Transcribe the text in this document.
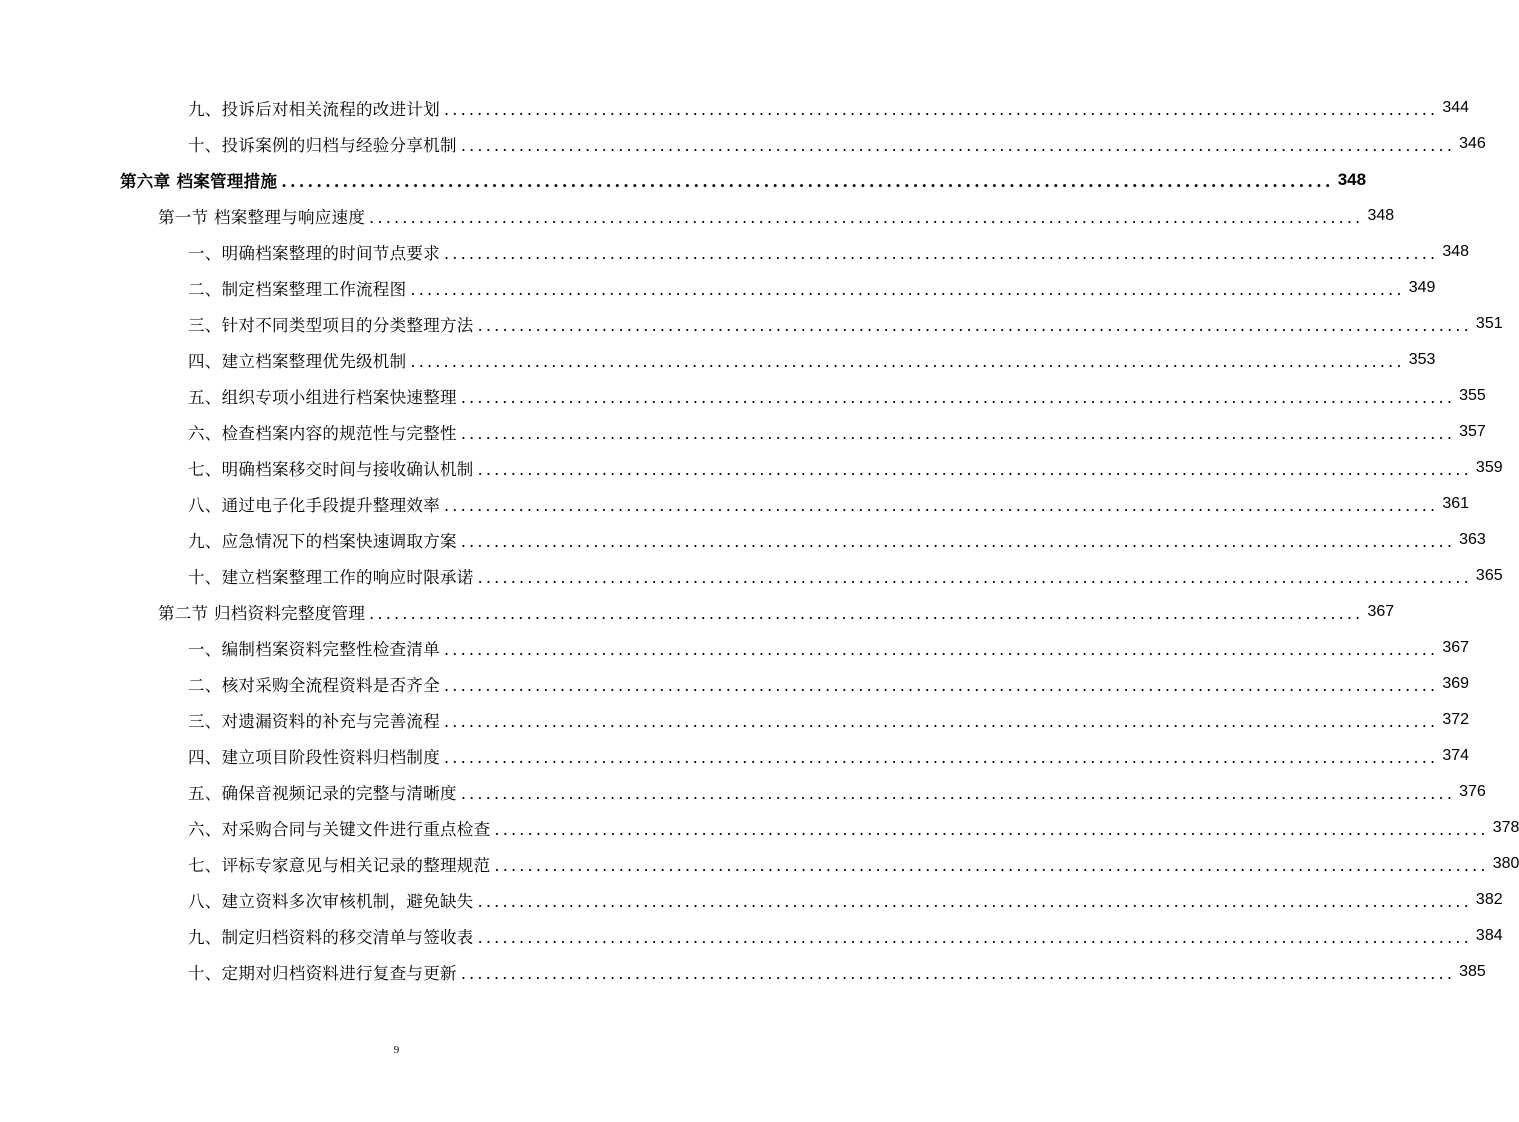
九、投诉后对相关流程的改进计划 ........................................................................................................................ 344
十、投诉案例的归档与经验分享机制 ........................................................................................................................ 346
第六章 档案管理措施 ........................................................................................................................ 348
第一节 档案整理与响应速度 ........................................................................................................................ 348
一、明确档案整理的时间节点要求 ........................................................................................................................ 348
二、制定档案整理工作流程图 ........................................................................................................................ 349
三、针对不同类型项目的分类整理方法 ........................................................................................................................ 351
四、建立档案整理优先级机制 ........................................................................................................................ 353
五、组织专项小组进行档案快速整理 ........................................................................................................................ 355
六、检查档案内容的规范性与完整性 ........................................................................................................................ 357
七、明确档案移交时间与接收确认机制 ........................................................................................................................ 359
八、通过电子化手段提升整理效率 ........................................................................................................................ 361
九、应急情况下的档案快速调取方案 ........................................................................................................................ 363
十、建立档案整理工作的响应时限承诺 ........................................................................................................................ 365
第二节 归档资料完整度管理 ........................................................................................................................ 367
一、编制档案资料完整性检查清单 ........................................................................................................................ 367
二、核对采购全流程资料是否齐全 ........................................................................................................................ 369
三、对遗漏资料的补充与完善流程 ........................................................................................................................ 372
四、建立项目阶段性资料归档制度 ........................................................................................................................ 374
五、确保音视频记录的完整与清晰度 ........................................................................................................................ 376
六、对采购合同与关键文件进行重点检查 ........................................................................................................................ 378
七、评标专家意见与相关记录的整理规范 ........................................................................................................................ 380
八、建立资料多次审核机制，避免缺失 ........................................................................................................................ 382
九、制定归档资料的移交清单与签收表 ........................................................................................................................ 384
十、定期对归档资料进行复查与更新 ........................................................................................................................ 385
9
